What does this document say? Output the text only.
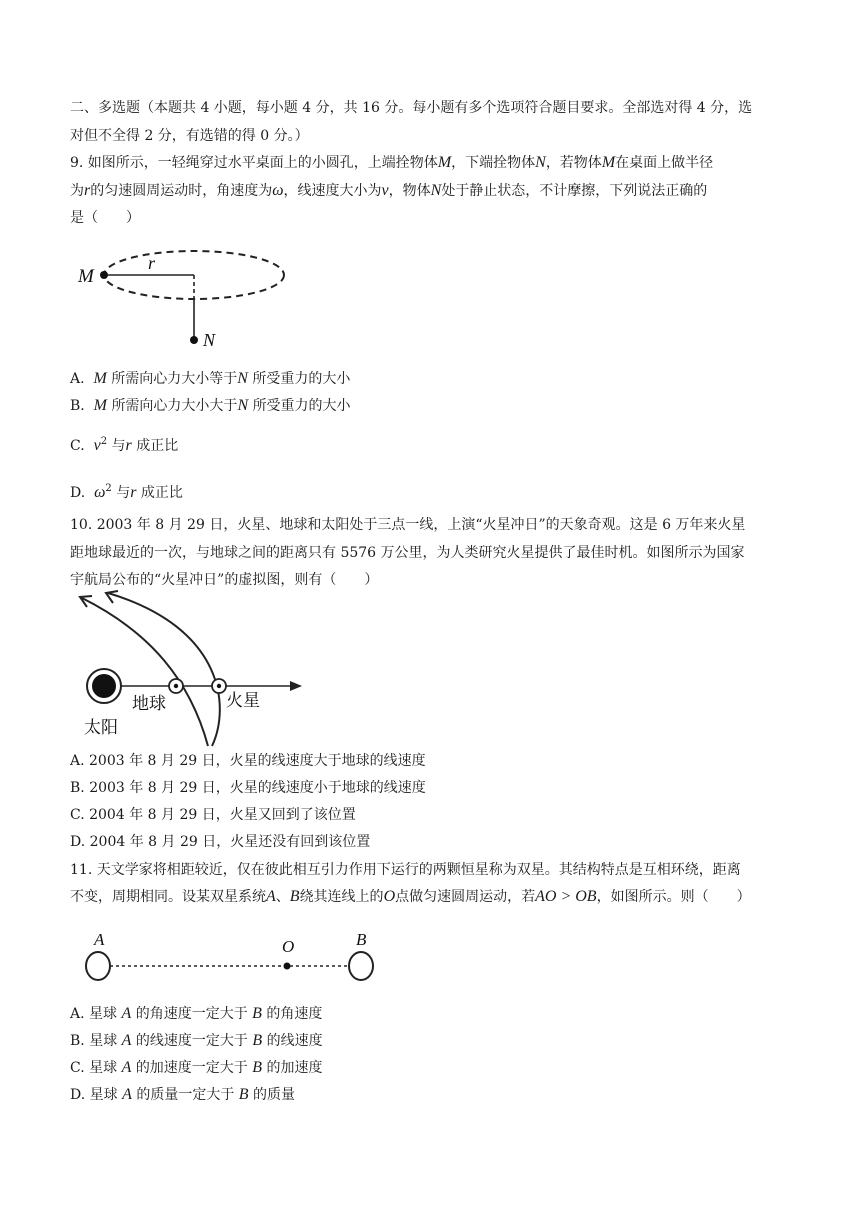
二、多选题（本题共 4 小题，每小题 4 分，共 16 分。每小题有多个选项符合题目要求。全部选对得 4 分，选
对但不全得 2 分，有选错的得 0 分。）
9. 如图所示，一轻绳穿过水平桌面上的小圆孔，上端拴物体M，下端拴物体N，若物体M在桌面上做半径
为r的匀速圆周运动时，角速度为ω，线速度大小为v，物体N处于静止状态，不计摩擦，下列说法正确的
是（　　）
M
r
N
A. M 所需向心力大小等于N 所受重力的大小
B. M 所需向心力大小大于N 所受重力的大小
C. $v^2$ 与r 成正比
D. $\omega^2$ 与r 成正比
10. 2003 年 8 月 29 日，火星、地球和太阳处于三点一线，上演“火星冲日”的天象奇观。这是 6 万年来火星
距地球最近的一次，与地球之间的距离只有 5576 万公里，为人类研究火星提供了最佳时机。如图所示为国家
宇航局公布的“火星冲日”的虚拟图，则有（　　）
太阳
地球	火星
A. 2003 年 8 月 29 日，火星的线速度大于地球的线速度
B. 2003 年 8 月 29 日，火星的线速度小于地球的线速度
C. 2004 年 8 月 29 日，火星又回到了该位置
D. 2004 年 8 月 29 日，火星还没有回到该位置
11. 天文学家将相距较近，仅在彼此相互引力作用下运行的两颗恒星称为双星。其结构特点是互相环绕，距离
不变，周期相同。设某双星系统A、B绕其连线上的O点做匀速圆周运动，若AO > OB，如图所示。则（　　）
A	O	B
A. 星球 A 的角速度一定大于 B 的角速度
B. 星球 A 的线速度一定大于 B 的线速度
C. 星球 A 的加速度一定大于 B 的加速度
D. 星球 A 的质量一定大于 B 的质量
